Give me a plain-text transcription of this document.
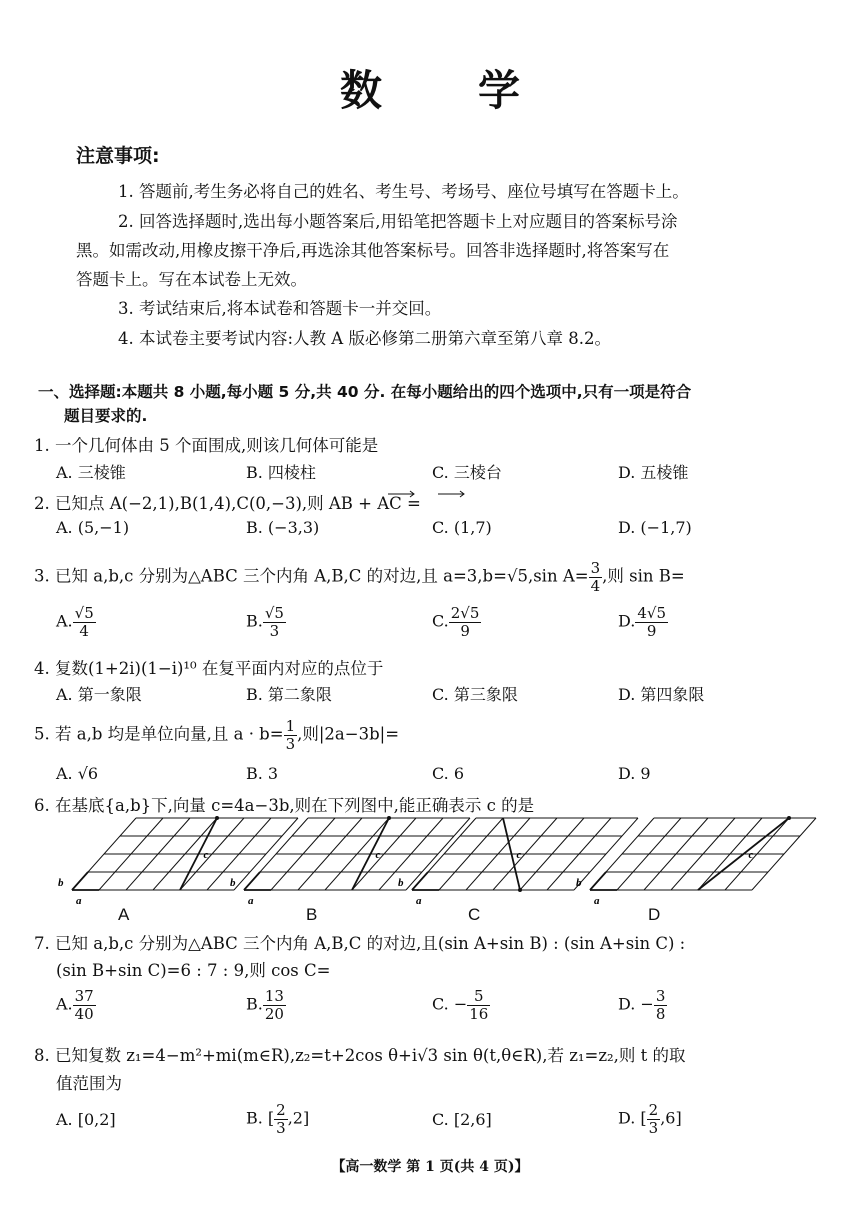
数 学
注意事项:
1. 答题前,考生务必将自己的姓名、考生号、考场号、座位号填写在答题卡上。
2. 回答选择题时,选出每小题答案后,用铅笔把答题卡上对应题目的答案标号涂
黑。如需改动,用橡皮擦干净后,再选涂其他答案标号。回答非选择题时,将答案写在
答题卡上。写在本试卷上无效。
3. 考试结束后,将本试卷和答题卡一并交回。
4. 本试卷主要考试内容:人教 A 版必修第二册第六章至第八章 8.2。
一、选择题:本题共 8 小题,每小题 5 分,共 40 分. 在每小题给出的四个选项中,只有一项是符合
题目要求的.
1. 一个几何体由 5 个面围成,则该几何体可能是
A. 三棱锥	B. 四棱柱	C. 三棱台	D. 五棱锥
2. 已知点 A(−2,1),B(1,4),C(0,−3),则 AB + AC =
A. (5,−1)	B. (−3,3)	C. (1,7)	D. (−1,7)
3. 已知 a,b,c 分别为△ABC 三个内角 A,B,C 的对边,且 a=3,b=√5,sin $A= \frac{3}{4}$ ,则 sin B=
A. $\frac{√5}{4}$	B. $\frac{√5}{3}$	C. $\frac{2√5}{9}$	D. $\frac{4√5}{9}$
4. 复数(1+2i)(1−i)¹⁰ 在复平面内对应的点位于
A. 第一象限	B. 第二象限	C. 第三象限	D. 第四象限
5. 若 a,b 均是单位向量,且 $a \cdot b= \frac{1}{3}$ ,则|2a−3b|=
A. √6	B. 3	C. 6	D. 9
6. 在基底{a,b}下,向量 c=4a−3b,则在下列图中,能正确表示 c 的是
c
a
b
c
a
b
c
a
b
c
a
b
A	B	C	D
7. 已知 a,b,c 分别为△ABC 三个内角 A,B,C 的对边,且(sin A+sin B) : (sin A+sin C) :
(sin B+sin C)=6 : 7 : 9,则 cos C=
A. $\frac{37}{40}$	B. $\frac{13}{20}$	C. − $\frac{5}{16}$	D. − $\frac{3}{8}$
8. 已知复数 z₁=4−m²+mi(m∈R),z₂=t+2cos θ+i√3 sin θ(t,θ∈R),若 z₁=z₂,则 t 的取
值范围为
A. [0,2]	B. [ $\frac{2}{3} ,2$]	C. [2,6]	D. [ $\frac{2}{3} ,6$]
【高一数学 第 1 页(共 4 页)】
